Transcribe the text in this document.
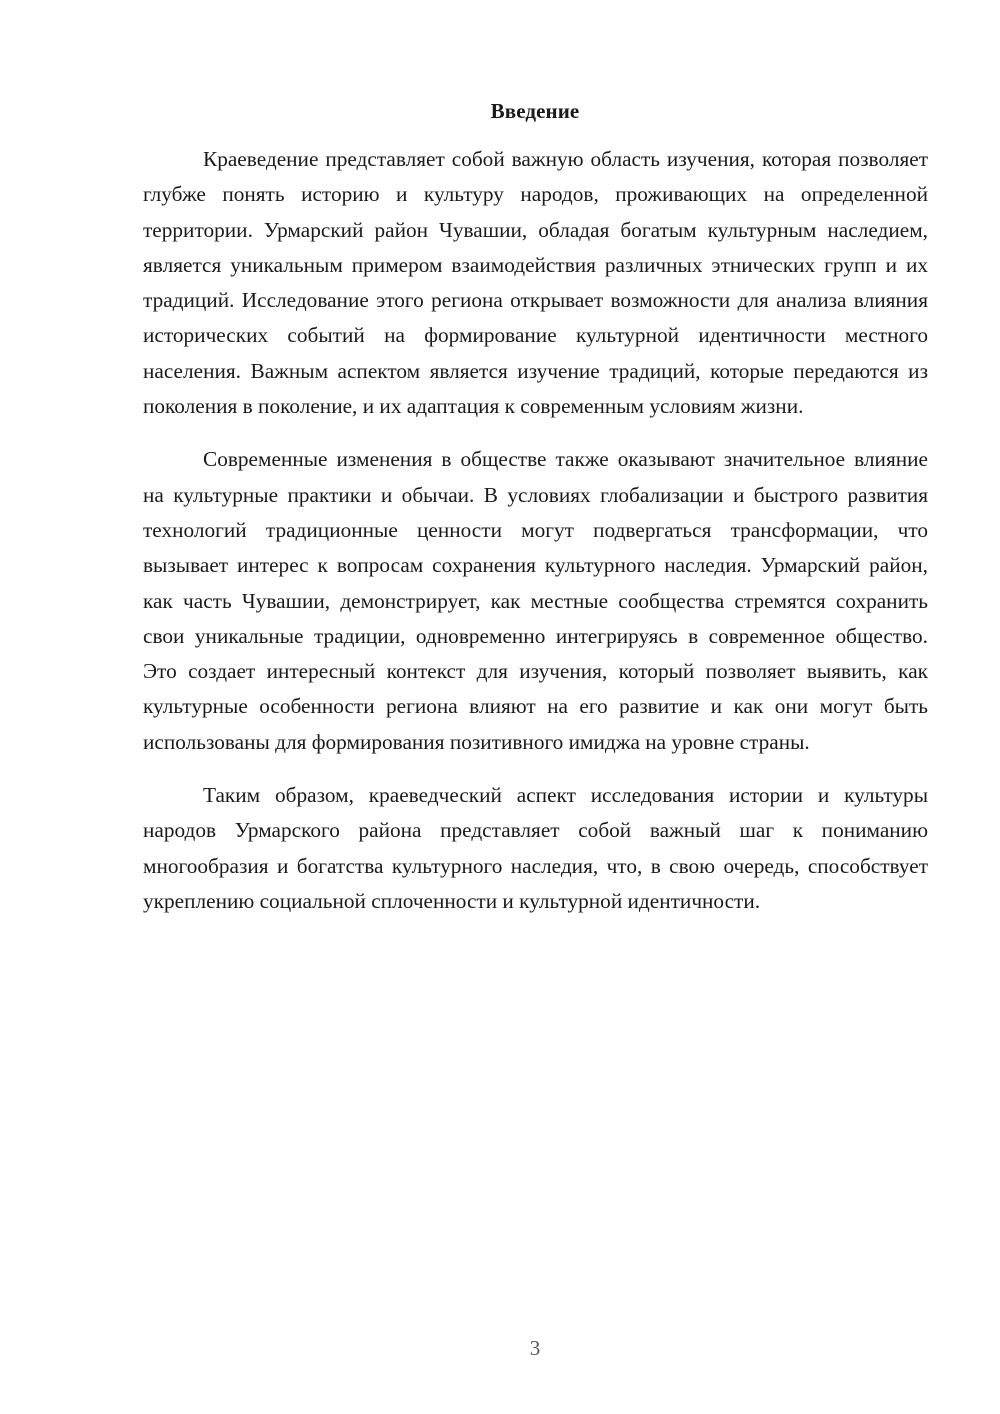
Введение

Краеведение представляет собой важную область изучения, которая позволяет глубже понять историю и культуру народов, проживающих на определенной территории. Урмарский район Чувашии, обладая богатым культурным наследием, является уникальным примером взаимодействия различных этнических групп и их традиций. Исследование этого региона открывает возможности для анализа влияния исторических событий на формирование культурной идентичности местного населения. Важным аспектом является изучение традиций, которые передаются из поколения в поколение, и их адаптация к современным условиям жизни.

Современные изменения в обществе также оказывают значительное влияние на культурные практики и обычаи. В условиях глобализации и быстрого развития технологий традиционные ценности могут подвергаться трансформации, что вызывает интерес к вопросам сохранения культурного наследия. Урмарский район, как часть Чувашии, демонстрирует, как местные сообщества стремятся сохранить свои уникальные традиции, одновременно интегрируясь в современное общество. Это создает интересный контекст для изучения, который позволяет выявить, как культурные особенности региона влияют на его развитие и как они могут быть использованы для формирования позитивного имиджа на уровне страны.

Таким образом, краеведческий аспект исследования истории и культуры народов Урмарского района представляет собой важный шаг к пониманию многообразия и богатства культурного наследия, что, в свою очередь, способствует укреплению социальной сплоченности и культурной идентичности.

3
